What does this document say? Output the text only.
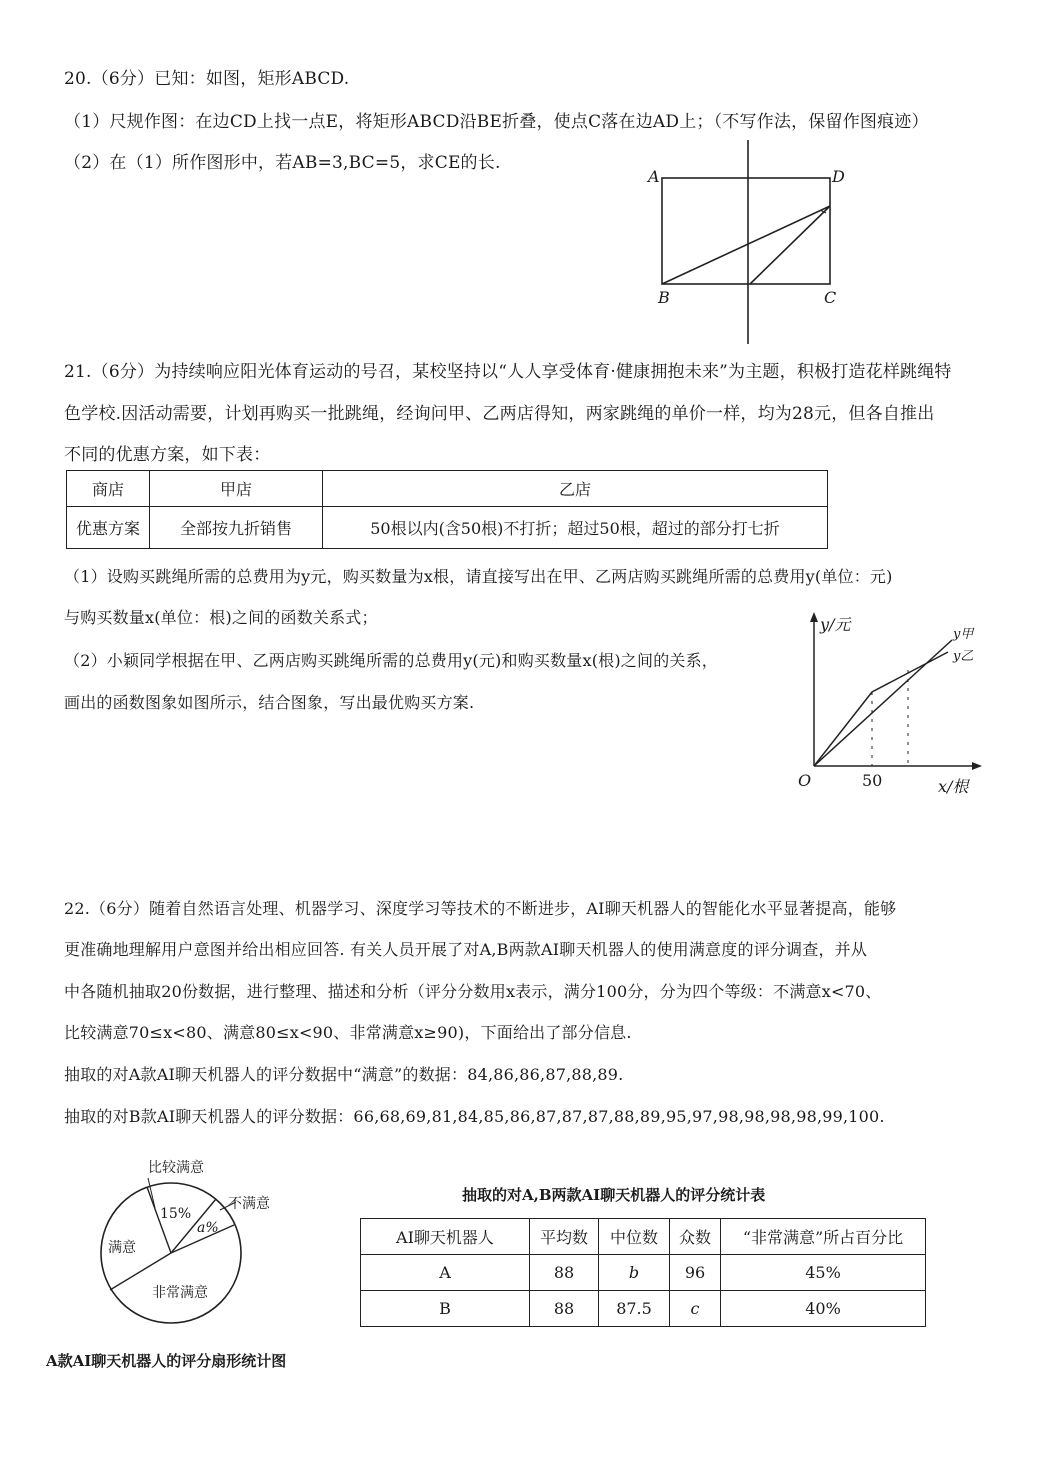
20.（6分）已知：如图，矩形ABCD.
（1）尺规作图：在边CD上找一点E，将矩形ABCD沿BE折叠，使点C落在边AD上；（不写作法，保留作图痕迹）
（2）在（1）所作图形中，若AB=3,BC=5，求CE的长.
A	D
B	C
21.（6分）为持续响应阳光体育运动的号召，某校坚持以“人人享受体育·健康拥抱未来”为主题，积极打造花样跳绳特
色学校.因活动需要，计划再购买一批跳绳，经询问甲、乙两店得知，两家跳绳的单价一样，均为28元，但各自推出
不同的优惠方案，如下表：
商店	甲店	乙店
优惠方案	全部按九折销售	50根以内(含50根)不打折；超过50根，超过的部分打七折
（1）设购买跳绳所需的总费用为y元，购买数量为x根，请直接写出在甲、乙两店购买跳绳所需的总费用y(单位：元)
与购买数量x(单位：根)之间的函数关系式；
（2）小颖同学根据在甲、乙两店购买跳绳所需的总费用y(元)和购买数量x(根)之间的关系，
画出的函数图象如图所示，结合图象，写出最优购买方案.
y/元
y甲
y乙
O	50	x/根
22.（6分）随着自然语言处理、机器学习、深度学习等技术的不断进步，AI聊天机器人的智能化水平显著提高，能够
更准确地理解用户意图并给出相应回答. 有关人员开展了对A,B两款AI聊天机器人的使用满意度的评分调查，并从
中各随机抽取20份数据，进行整理、描述和分析（评分分数用x表示，满分100分，分为四个等级：不满意x<70、
比较满意70≤x<80、满意80≤x<90、非常满意x≥90)，下面给出了部分信息.
抽取的对A款AI聊天机器人的评分数据中“满意”的数据：84,86,86,87,88,89.
抽取的对B款AI聊天机器人的评分数据：66,68,69,81,84,85,86,87,87,87,88,89,95,97,98,98,98,98,99,100.
比较满意
不满意
15%
a%
满意
非常满意
A款AI聊天机器人的评分扇形统计图
抽取的对A,B两款AI聊天机器人的评分统计表
AI聊天机器人	平均数	中位数	众数	“非常满意”所占百分比
A	88	b	96	45%
B	88	87.5	c	40%
